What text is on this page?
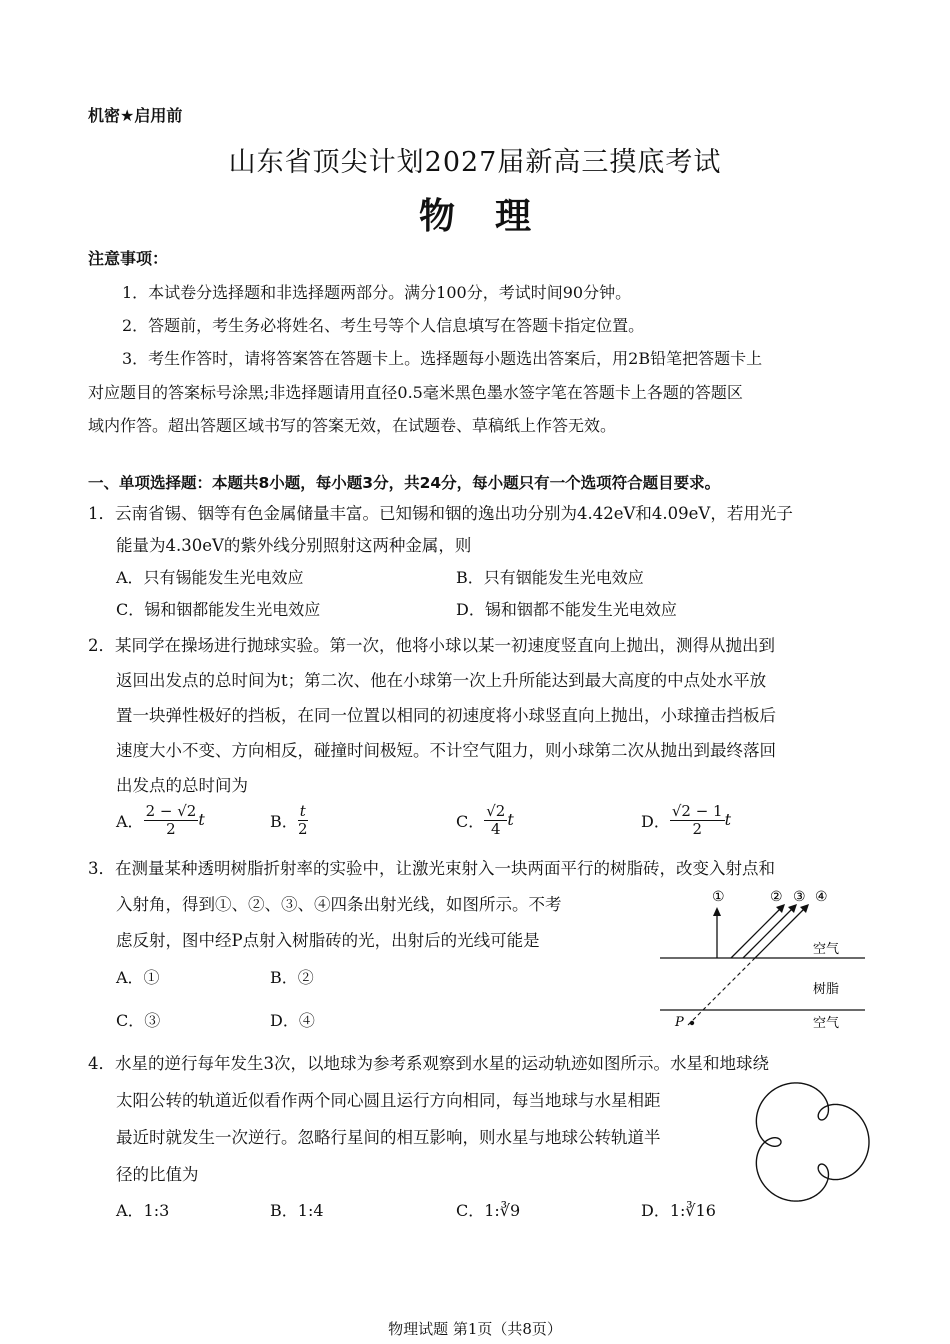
机密★启用前
山东省顶尖计划2027届新高三摸底考试
物理
注意事项：
1．本试卷分选择题和非选择题两部分。满分100分，考试时间90分钟。
2．答题前，考生务必将姓名、考生号等个人信息填写在答题卡指定位置。
3．考生作答时，请将答案答在答题卡上。选择题每小题选出答案后，用2B铅笔把答题卡上
对应题目的答案标号涂黑;非选择题请用直径0.5毫米黑色墨水签字笔在答题卡上各题的答题区
域内作答。超出答题区域书写的答案无效，在试题卷、草稿纸上作答无效。
一、单项选择题：本题共8小题，每小题3分，共24分，每小题只有一个选项符合题目要求。
1．云南省锡、铟等有色金属储量丰富。已知锡和铟的逸出功分别为4.42eV和4.09eV，若用光子
能量为4.30eV的紫外线分别照射这两种金属，则
A．只有锡能发生光电效应	B．只有铟能发生光电效应
C．锡和铟都能发生光电效应	D．锡和铟都不能发生光电效应
2．某同学在操场进行抛球实验。第一次，他将小球以某一初速度竖直向上抛出，测得从抛出到
返回出发点的总时间为t；第二次、他在小球第一次上升所能达到最大高度的中点处水平放
置一块弹性极好的挡板，在同一位置以相同的初速度将小球竖直向上抛出，小球撞击挡板后
速度大小不变、方向相反，碰撞时间极短。不计空气阻力，则小球第二次从抛出到最终落回
出发点的总时间为
A． $\frac{2 - √2}{2}$ t	B． $\frac{t}{2}$	C． $\frac{√2}{4}$ t	D． $\frac{√2 - 1}{2}$ t
3．在测量某种透明树脂折射率的实验中，让激光束射入一块两面平行的树脂砖，改变入射点和
入射角，得到①、②、③、④四条出射光线，如图所示。不考
虑反射，图中经P点射入树脂砖的光，出射后的光线可能是
A．①	B．②
C．③	D．④
①	② ③ ④
空气
树脂
空气
P
4．水星的逆行每年发生3次，以地球为参考系观察到水星的运动轨迹如图所示。水星和地球绕
太阳公转的轨道近似看作两个同心圆且运行方向相同，每当地球与水星相距
最近时就发生一次逆行。忽略行星间的相互影响，则水星与地球公转轨道半
径的比值为
A．1:3	B．1:4	C．1:∛9	D．1:∛16
物理试题 第1页（共8页）
